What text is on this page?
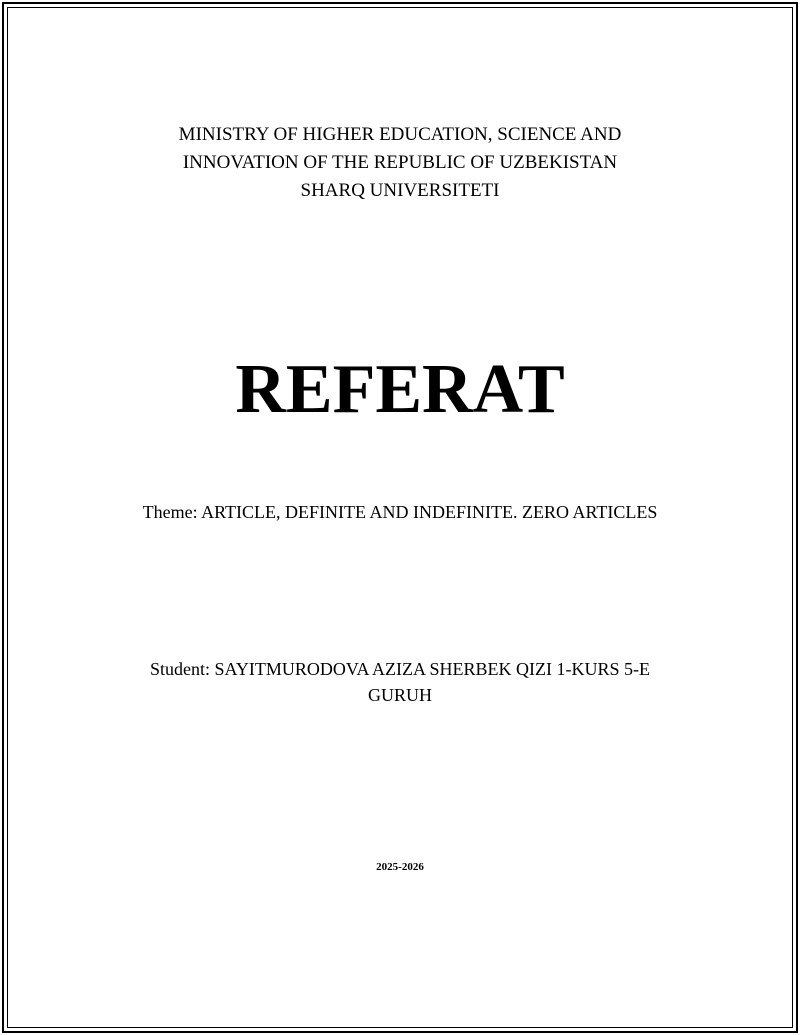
MINISTRY OF HIGHER EDUCATION, SCIENCE AND
INNOVATION OF THE REPUBLIC OF UZBEKISTAN
SHARQ UNIVERSITETI
REFERAT
Theme: ARTICLE, DEFINITE AND INDEFINITE. ZERO ARTICLES
Student: SAYITMURODOVA AZIZA SHERBEK QIZI 1-KURS 5-E GURUH
2025-2026
